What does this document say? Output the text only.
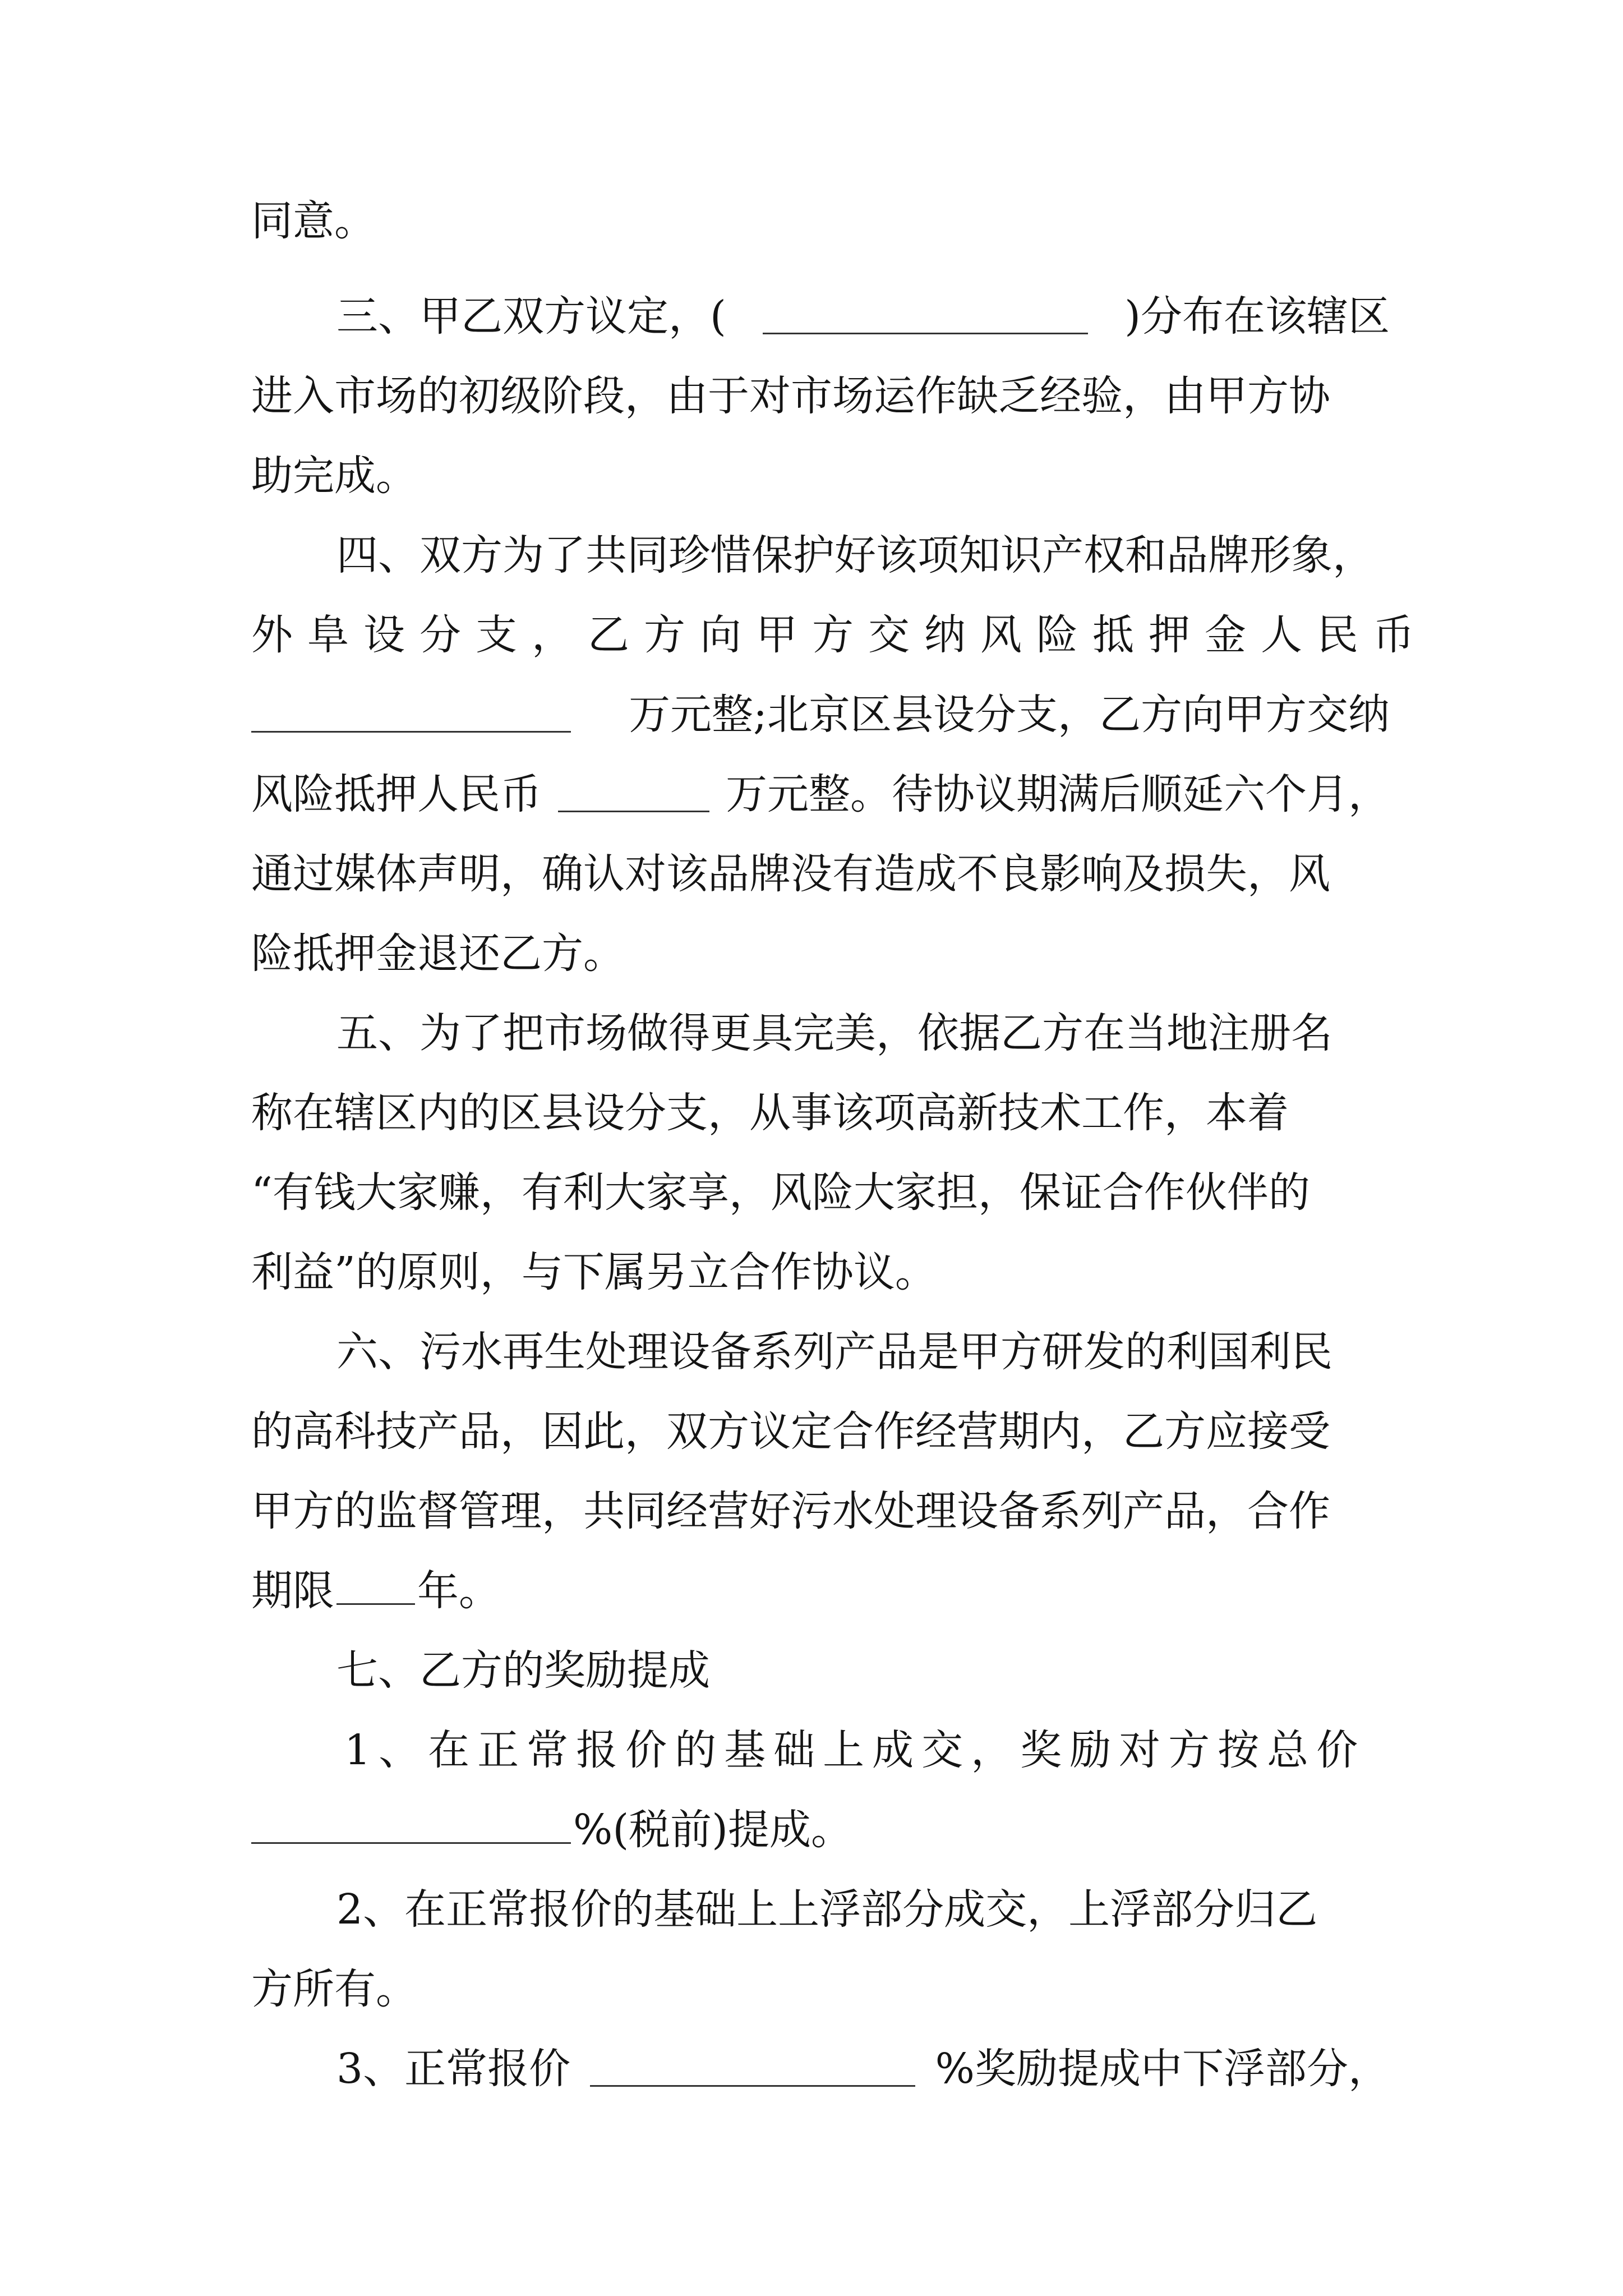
同意。
三、甲乙双方议定，(	)分布在该辖区
进入市场的初级阶段，由于对市场运作缺乏经验，由甲方协
助完成。
四、双方为了共同珍惜保护好该项知识产权和品牌形象，
外阜设分支，乙方向甲方交纳风险抵押金人民币
万元整;北京区县设分支，乙方向甲方交纳
风险抵押人民币	万元整。待协议期满后顺延六个月，
通过媒体声明，确认对该品牌没有造成不良影响及损失，风
险抵押金退还乙方。
五、为了把市场做得更具完美，依据乙方在当地注册名
称在辖区内的区县设分支，从事该项高新技术工作，本着
“有钱大家赚，有利大家享，风险大家担，保证合作伙伴的
利益”的原则，与下属另立合作协议。
六、污水再生处理设备系列产品是甲方研发的利国利民
的高科技产品，因此，双方议定合作经营期内，乙方应接受
甲方的监督管理，共同经营好污水处理设备系列产品，合作
期限 年。
七、乙方的奖励提成
1、在正常报价的基础上成交，奖励对方按总价
%(税前)提成。
2、在正常报价的基础上上浮部分成交，上浮部分归乙
方所有。
3、正常报价	%奖励提成中下浮部分，
